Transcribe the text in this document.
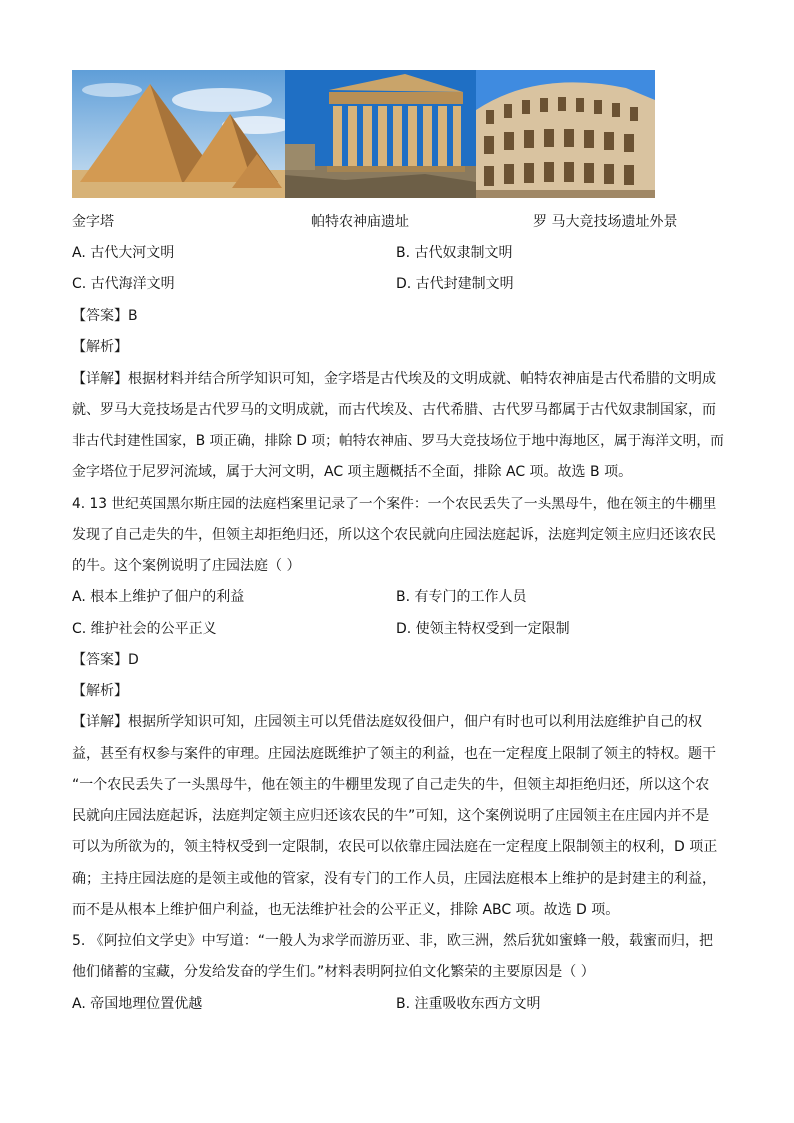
金字塔	帕特农神庙遗址	罗 马大竞技场遗址外景
A. 古代大河文明	B. 古代奴隶制文明
C. 古代海洋文明	D. 古代封建制文明
【答案】B
【解析】
【详解】根据材料并结合所学知识可知，金字塔是古代埃及的文明成就、帕特农神庙是古代希腊的文明成
就、罗马大竞技场是古代罗马的文明成就，而古代埃及、古代希腊、古代罗马都属于古代奴隶制国家，而
非古代封建性国家，B 项正确，排除 D 项；帕特农神庙、罗马大竞技场位于地中海地区，属于海洋文明，而
金字塔位于尼罗河流域，属于大河文明，AC 项主题概括不全面，排除 AC 项。故选 B 项。
4. 13 世纪英国黑尔斯庄园的法庭档案里记录了一个案件：一个农民丢失了一头黑母牛，他在领主的牛棚里
发现了自己走失的牛，但领主却拒绝归还，所以这个农民就向庄园法庭起诉，法庭判定领主应归还该农民
的牛。这个案例说明了庄园法庭（ ）
A. 根本上维护了佃户的利益	B. 有专门的工作人员
C. 维护社会的公平正义	D. 使领主特权受到一定限制
【答案】D
【解析】
【详解】根据所学知识可知，庄园领主可以凭借法庭奴役佃户，佃户有时也可以利用法庭维护自己的权
益，甚至有权参与案件的审理。庄园法庭既维护了领主的利益，也在一定程度上限制了领主的特权。题干
“一个农民丢失了一头黑母牛，他在领主的牛棚里发现了自己走失的牛，但领主却拒绝归还，所以这个农
民就向庄园法庭起诉，法庭判定领主应归还该农民的牛”可知，这个案例说明了庄园领主在庄园内并不是
可以为所欲为的，领主特权受到一定限制，农民可以依靠庄园法庭在一定程度上限制领主的权利，D 项正
确；主持庄园法庭的是领主或他的管家，没有专门的工作人员，庄园法庭根本上维护的是封建主的利益，
而不是从根本上维护佃户利益，也无法维护社会的公平正义，排除 ABC 项。故选 D 项。
5. 《阿拉伯文学史》中写道：“一般人为求学而游历亚、非，欧三洲，然后犹如蜜蜂一般，载蜜而归，把
他们储蓄的宝藏，分发给发奋的学生们。”材料表明阿拉伯文化繁荣的主要原因是（ ）
A. 帝国地理位置优越	B. 注重吸收东西方文明
